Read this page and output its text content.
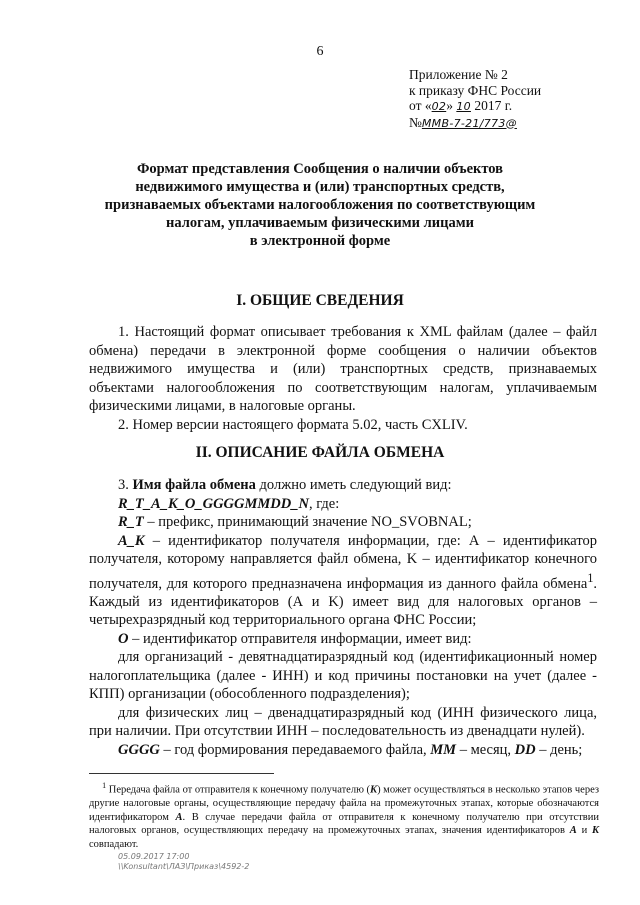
6
Приложение № 2
к приказу ФНС России
от «02» 10 2017 г.
№ММВ-7-21/773@
Формат представления Сообщения о наличии объектов
недвижимого имущества и (или) транспортных средств,
признаваемых объектами налогообложения по соответствующим
налогам, уплачиваемым физическими лицами
в электронной форме
I. ОБЩИЕ СВЕДЕНИЯ

1. Настоящий формат описывает требования к XML файлам (далее – файл обмена) передачи в электронной форме сообщения о наличии объектов недвижимого имущества и (или) транспортных средств, признаваемых объектами налогообложения по соответствующим налогам, уплачиваемым физическими лицами, в налоговые органы.

2. Номер версии настоящего формата 5.02, часть CXLIV.

II. ОПИСАНИЕ ФАЙЛА ОБМЕНА

3. Имя файла обмена должно иметь следующий вид:

R_T_A_K_O_GGGGMMDD_N, где:

R_T – префикс, принимающий значение NO_SVOBNAL;

A_K – идентификатор получателя информации, где: А – идентификатор получателя, которому направляется файл обмена, K – идентификатор конечного получателя, для которого предназначена информация из данного файла обмена$^1$. Каждый из идентификаторов (А и K) имеет вид для налоговых органов – четырехразрядный код территориального органа ФНС России;

O – идентификатор отправителя информации, имеет вид:

для организаций - девятнадцатиразрядный код (идентификационный номер налогоплательщика (далее - ИНН) и код причины постановки на учет (далее - КПП) организации (обособленного подразделения);

для физических лиц – двенадцатиразрядный код (ИНН физического лица, при наличии. При отсутствии ИНН – последовательность из двенадцати нулей).

GGGG – год формирования передаваемого файла, MM – месяц, DD – день;

$^1$ Передача файла от отправителя к конечному получателю (K) может осуществляться в несколько этапов через другие налоговые органы, осуществляющие передачу файла на промежуточных этапах, которые обозначаются идентификатором А. В случае передачи файла от отправителя к конечному получателю при отсутствии налоговых органов, осуществляющих передачу на промежуточных этапах, значения идентификаторов А и K совпадают.
05.09.2017 17:00
\\Konsultant\ЛАЗ\Приказ\4592-2
